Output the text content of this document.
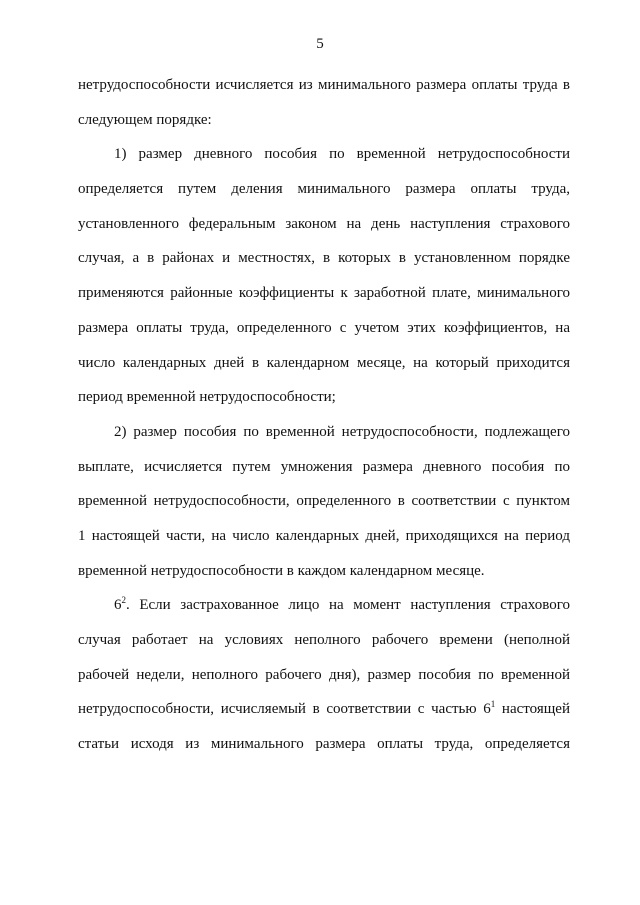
5
нетрудоспособности исчисляется из минимального размера оплаты труда в
следующем порядке:
1) размер дневного пособия по временной нетрудоспособности
определяется путем деления минимального размера оплаты труда,
установленного федеральным законом на день наступления страхового
случая, а в районах и местностях, в которых в установленном порядке
применяются районные коэффициенты к заработной плате, минимального
размера оплаты труда, определенного с учетом этих коэффициентов, на
число календарных дней в календарном месяце, на который приходится
период временной нетрудоспособности;
2) размер пособия по временной нетрудоспособности, подлежащего
выплате, исчисляется путем умножения размера дневного пособия по
временной нетрудоспособности, определенного в соответствии с пунктом
1 настоящей части, на число календарных дней, приходящихся на период
временной нетрудоспособности в каждом календарном месяце.
$6^2$. Если застрахованное лицо на момент наступления страхового
случая работает на условиях неполного рабочего времени (неполной
рабочей недели, неполного рабочего дня), размер пособия по временной
нетрудоспособности, исчисляемый в соответствии с частью $6^1$ настоящей
статьи исходя из минимального размера оплаты труда, определяется
